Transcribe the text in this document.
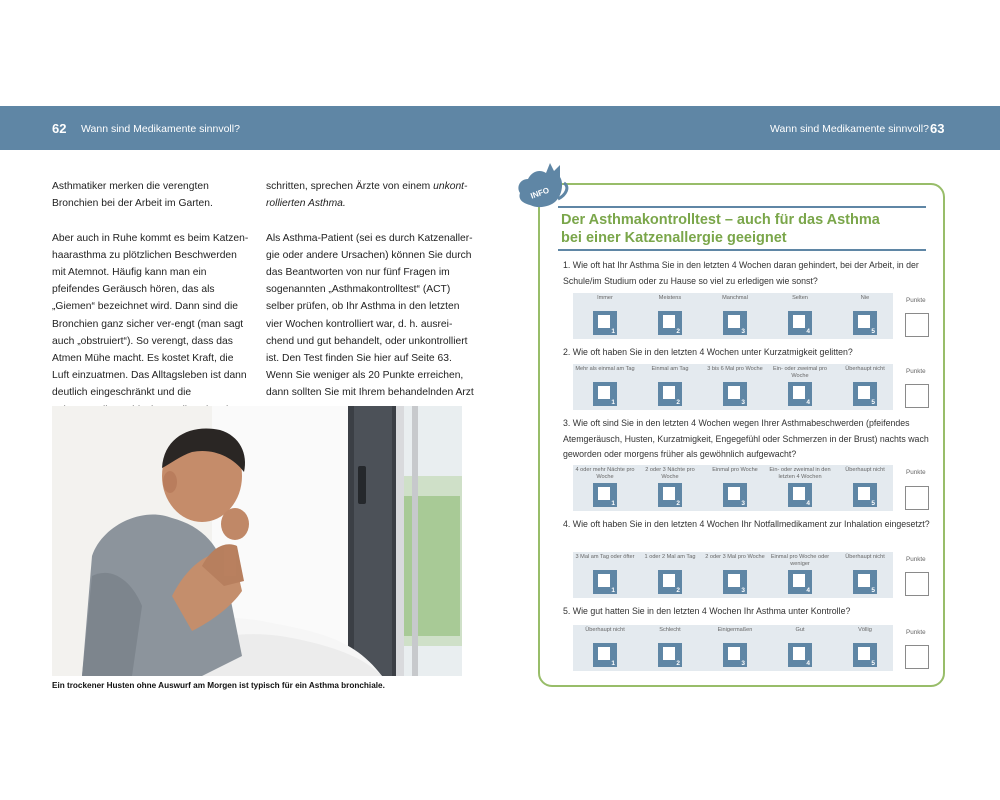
62 Wann sind Medikamente sinnvoll?	Wann sind Medikamente sinnvoll? 63

Asthmatiker merken die verengten Bronchien bei der Arbeit im Garten.

Aber auch in Ruhe kommt es beim Katzen-haarasthma zu plötzlichen Beschwerden mit Atemnot. Häufig kann man ein pfeifendes Geräusch hören, das als „Giemen“ bezeichnet wird. Dann sind die Bronchien ganz sicher ver-engt (man sagt auch „obstruiert“). So verengt, dass das Atmen Mühe macht. Es kostet Kraft, die Luft einzuatmen. Das Alltagsleben ist dann deutlich eingeschränkt und die

schritten, sprechen Ärzte von einem unkont-rollierten Asthma.

Als Asthma-Patient (sei es durch Katzenaller-gie oder andere Ursachen) können Sie durch das Beantworten von nur fünf Fragen im sogenannten „Asthmakontrolltest“ (ACT) selber prüfen, ob Ihr Asthma in den letzten vier Wochen kontrolliert war, d. h. ausrei-chend und gut behandelt, oder unkontrolliert ist. Den Test finden Sie hier auf Seite 63. Wenn Sie weniger als 20 Punkte erreichen, dann sollten Sie mit Ihrem behandelnden Arzt

Ein trockener Husten ohne Auswurf am Morgen ist typisch für ein Asthma bronchiale.
INFO
Der Asthmakontrolltest – auch für das Asthma
bei einer Katzenallergie geeignet
1. Wie oft hat Ihr Asthma Sie in den letzten 4 Wochen daran gehindert, bei der Arbeit, in der Schule/im Studium oder zu Hause so viel zu erledigen wie sonst?
Immer
1
Meistens
2
Manchmal
3
Selten
4
Nie
5
Punkte
2. Wie oft haben Sie in den letzten 4 Wochen unter Kurzatmigkeit gelitten?
Mehr als einmal am Tag
1
Einmal am Tag
2
3 bis 6 Mal pro Woche
3
Ein- oder zweimal pro Woche
4
Überhaupt nicht
5
Punkte
3. Wie oft sind Sie in den letzten 4 Wochen wegen Ihrer Asthmabeschwerden (pfeifendes Atemgeräusch, Husten, Kurzatmigkeit, Engegefühl oder Schmerzen in der Brust) nachts wach geworden oder morgens früher als gewöhnlich aufgewacht?
4 oder mehr Nächte pro Woche
1
2 oder 3 Nächte pro Woche
2
Einmal pro Woche
3
Ein- oder zweimal in den letzten 4 Wochen
4
Überhaupt nicht
5
Punkte
4. Wie oft haben Sie in den letzten 4 Wochen Ihr Notfallmedikament zur Inhalation eingesetzt?
3 Mal am Tag oder öfter
1
1 oder 2 Mal am Tag
2
2 oder 3 Mal pro Woche
3
Einmal pro Woche oder weniger
4
Überhaupt nicht
5
Punkte
5. Wie gut hatten Sie in den letzten 4 Wochen Ihr Asthma unter Kontrolle?
Überhaupt nicht
1
Schlecht
2
Einigermaßen
3
Gut
4
Völlig
5
Punkte
